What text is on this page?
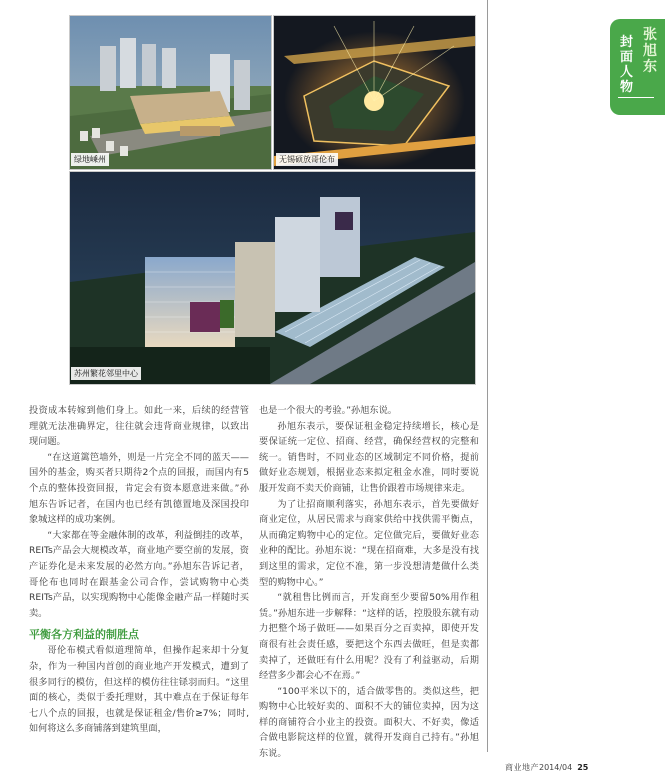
张旭东
封面人物
绿地嵊州	无锡硕放哥伦布
苏州繁花邻里中心

投资成本转嫁到他们身上。如此一来，后续的经营管理就无法准确界定，往往就会违背商业规律，以致出现问题。

“在这道篱笆墙外，则是一片完全不同的蓝天——国外的基金，购买者只期待2个点的回报，而国内有5个点的整体投资回报，肯定会有资本愿意进来做。”孙旭东告诉记者，在国内也已经有凯德置地及深国投印象城这样的成功案例。

“大家都在等金融体制的改革，利益倒挂的改革，REITs产品会大规模改革，商业地产要空前的发展，资产证券化是未来发展的必然方向。”孙旭东告诉记者，哥伦布也同时在跟基金公司合作，尝试购物中心类REITs产品，以实现购物中心能像金融产品一样随时买卖。

平衡各方利益的制胜点

哥伦布模式看似道理简单，但操作起来却十分复杂，作为一种国内首创的商业地产开发模式，遭到了很多同行的模仿，但这样的模仿往往铩羽而归。“这里面的核心，类似于委托理财，其中难点在于保证每年七八个点的回报，也就是保证租金/售价≥7%；同时,如何将这么多商铺落到建筑里面，

也是一个很大的考验。”孙旭东说。

孙旭东表示，要保证租金稳定持续增长，核心是要保证统一定位、招商、经营，确保经营权的完整和统一。销售时，不同业态的区域制定不同价格，提前做好业态规划，根据业态来拟定租金水准，同时要说服开发商不卖天价商铺，让售价跟着市场规律来走。

为了让招商顺利落实，孙旭东表示，首先要做好商业定位，从居民需求与商家供给中找供需平衡点，从而确定购物中心的定位。定位做完后，要做好业态业种的配比。孙旭东说：“现在招商难，大多是没有找到这里的需求，定位不准，第一步没想清楚做什么类型的购物中心。”

“就租售比例而言，开发商至少要留50%用作租赁。”孙旭东进一步解释：“这样的话，控股股东就有动力把整个场子做旺——如果百分之百卖掉，即使开发商很有社会责任感，要把这个东西去做旺，但是卖都卖掉了，还做旺有什么用呢？没有了利益驱动，后期经营多少都会心不在焉。”

“100平米以下的，适合做零售的。类似这些，把购物中心比较好卖的、面积不大的铺位卖掉，因为这样的商铺符合小业主的投资。面积大、不好卖，像适合做电影院这样的位置，就得开发商自己持有。”孙旭东说。

商业地产2014/04 25
